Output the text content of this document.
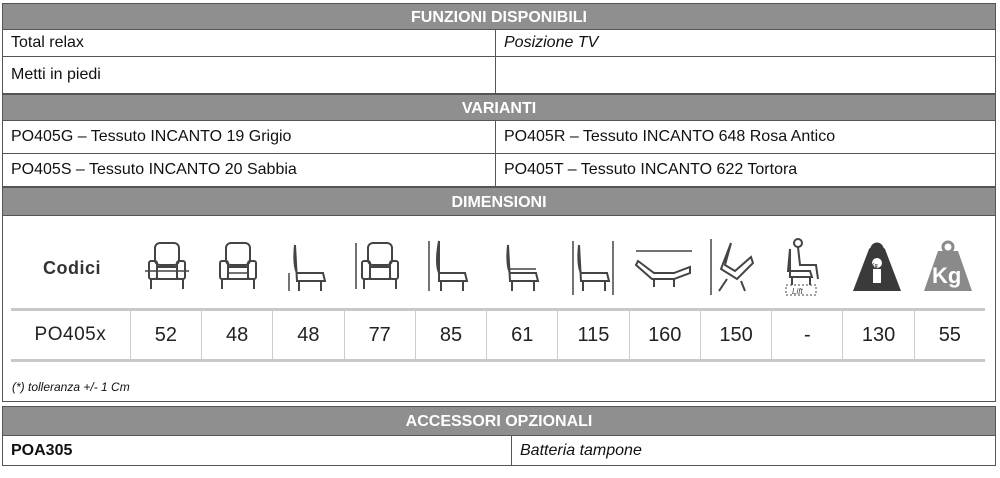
FUNZIONI DISPONIBILI
Total relax	Posizione TV
Metti in piedi
VARIANTI
PO405G – Tessuto INCANTO 19 Grigio	PO405R – Tessuto INCANTO 648 Rosa Antico
PO405S – Tessuto INCANTO 20 Sabbia	PO405T – Tessuto INCANTO 622 Tortora
DIMENSIONI
Codici
Lift
Kg Kg
PO405x	52	48	48	77	85	61	115	160	150	-	130	55
(*) tolleranza +/- 1 Cm
ACCESSORI OPZIONALI
POA305	Batteria tampone
